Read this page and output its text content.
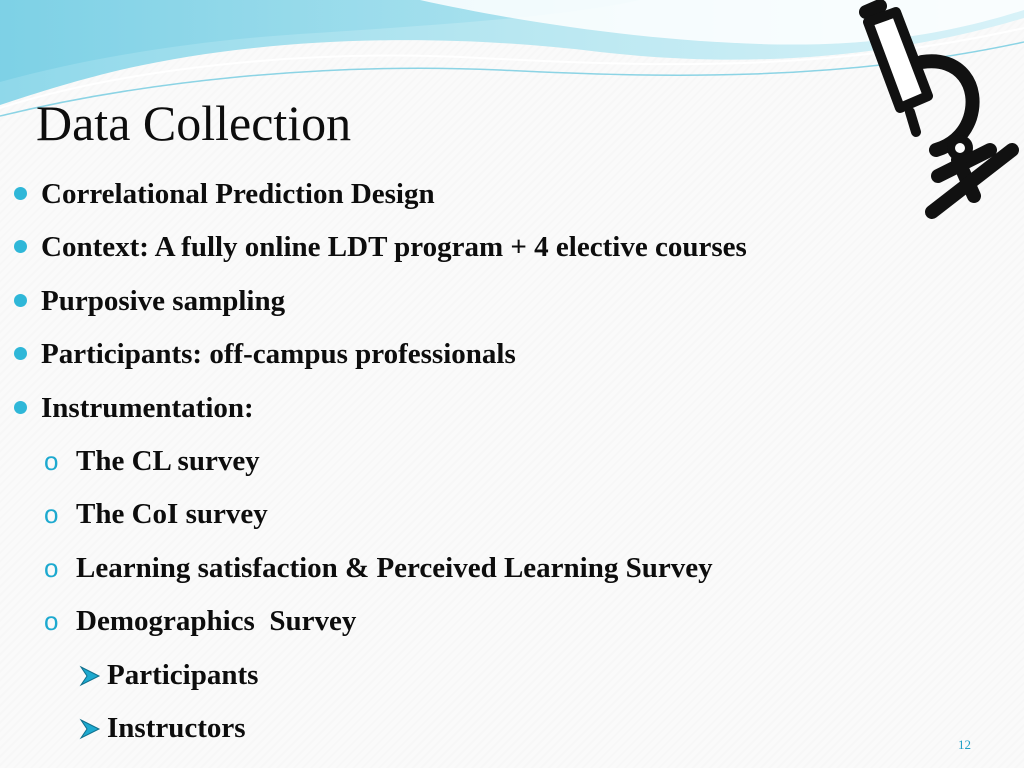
Data Collection
Correlational Prediction Design
Context: A fully online LDT program + 4 elective courses
Purposive sampling
Participants: off-campus professionals
Instrumentation:
o The CL survey
o The CoI survey
o Learning satisfaction & Perceived Learning Survey
o Demographics  Survey
Participants
Instructors
12
